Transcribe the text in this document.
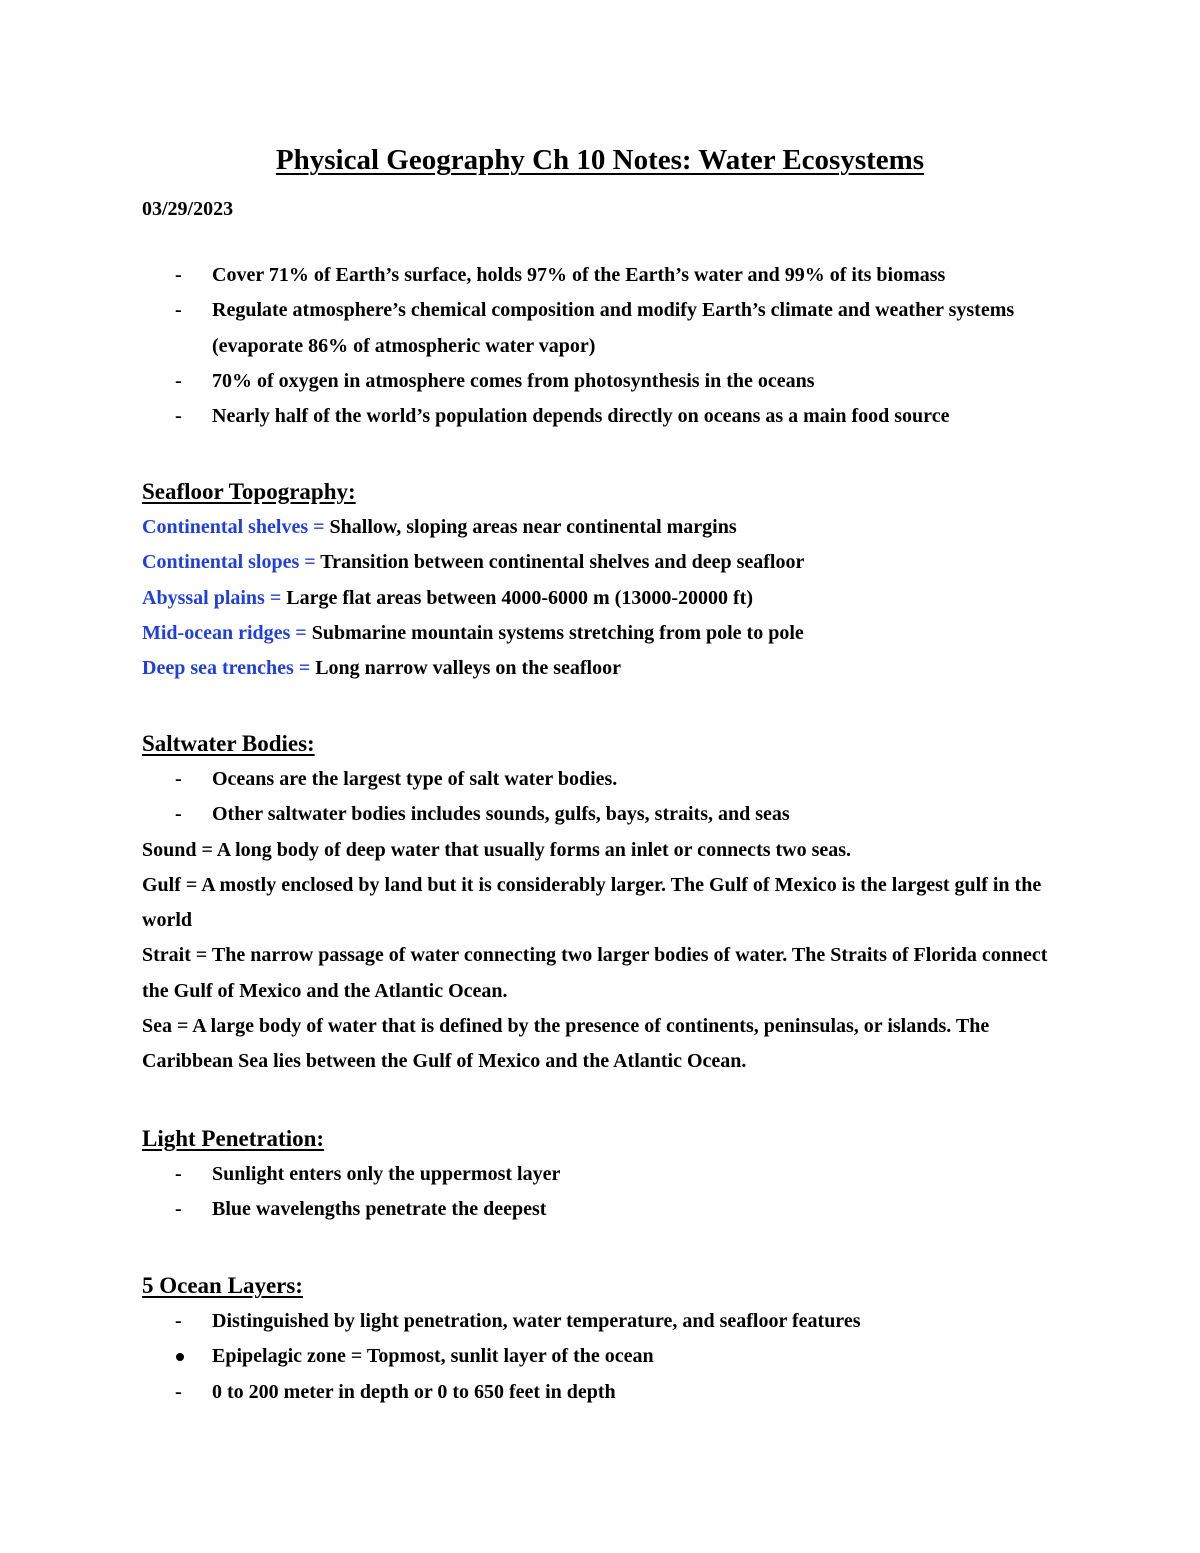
Physical Geography Ch 10 Notes: Water Ecosystems
03/29/2023
- Cover 71% of Earth’s surface, holds 97% of the Earth’s water and 99% of its biomass
- Regulate atmosphere’s chemical composition and modify Earth’s climate and weather systems (evaporate 86% of atmospheric water vapor)
- 70% of oxygen in atmosphere comes from photosynthesis in the oceans
- Nearly half of the world’s population depends directly on oceans as a main food source
Seafloor Topography:
Continental shelves = Shallow, sloping areas near continental margins
Continental slopes = Transition between continental shelves and deep seafloor
Abyssal plains = Large flat areas between 4000-6000 m (13000-20000 ft)
Mid-ocean ridges = Submarine mountain systems stretching from pole to pole
Deep sea trenches = Long narrow valleys on the seafloor
Saltwater Bodies:
- Oceans are the largest type of salt water bodies.
- Other saltwater bodies includes sounds, gulfs, bays, straits, and seas
Sound = A long body of deep water that usually forms an inlet or connects two seas.
Gulf = A mostly enclosed by land but it is considerably larger. The Gulf of Mexico is the largest gulf in the world
Strait = The narrow passage of water connecting two larger bodies of water. The Straits of Florida connect the Gulf of Mexico and the Atlantic Ocean.
Sea = A large body of water that is defined by the presence of continents, peninsulas, or islands. The Caribbean Sea lies between the Gulf of Mexico and the Atlantic Ocean.
Light Penetration:
- Sunlight enters only the uppermost layer
- Blue wavelengths penetrate the deepest
5 Ocean Layers:
- Distinguished by light penetration, water temperature, and seafloor features
Epipelagic zone = Topmost, sunlit layer of the ocean
- 0 to 200 meter in depth or 0 to 650 feet in depth
